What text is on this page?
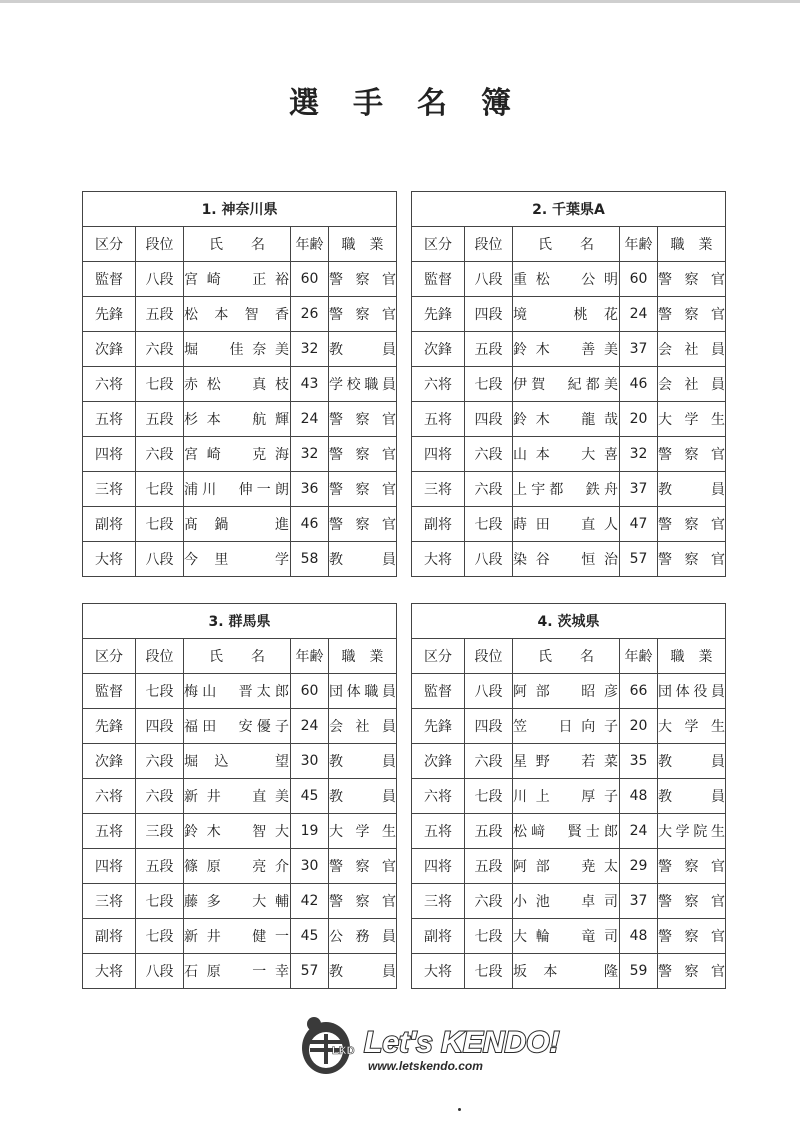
選手名簿
1. 神奈川県				
区分	段位	氏　　名	年齢	職　業
監督	八段	宮崎　正裕	60	警察官
先鋒	五段	松本智香	26	警察官
次鋒	六段	堀　佳奈美	32	教員
六将	七段	赤松　真枝	43	学校職員
五将	五段	杉本　航輝	24	警察官
四将	六段	宮崎　克海	32	警察官
三将	七段	浦川　伸一朗	36	警察官
副将	七段	髙鍋　進	46	警察官
大将	八段	今里　学	58	教員
2. 千葉県A				
区分	段位	氏　　名	年齢	職　業
監督	八段	重松　公明	60	警察官
先鋒	四段	境　桃花	24	警察官
次鋒	五段	鈴木　善美	37	会社員
六将	七段	伊賀　紀都美	46	会社員
五将	四段	鈴木　龍哉	20	大学生
四将	六段	山本　大喜	32	警察官
三将	六段	上宇都　鉄舟	37	教員
副将	七段	蒔田　直人	47	警察官
大将	八段	染谷　恒治	57	警察官
3. 群馬県				
区分	段位	氏　　名	年齢	職　業
監督	七段	梅山　晋太郎	60	団体職員
先鋒	四段	福田　安優子	24	会社員
次鋒	六段	堀込　望	30	教員
六将	六段	新井　直美	45	教員
五将	三段	鈴木　智大	19	大学生
四将	五段	篠原　亮介	30	警察官
三将	七段	藤多　大輔	42	警察官
副将	七段	新井　健一	45	公務員
大将	八段	石原　一幸	57	教員
4. 茨城県				
区分	段位	氏　　名	年齢	職　業
監督	八段	阿部　昭彦	66	団体役員
先鋒	四段	笠　日向子	20	大学生
次鋒	六段	星野　若菜	35	教員
六将	七段	川上　厚子	48	教員
五将	五段	松﨑　賢士郎	24	大学院生
四将	五段	阿部　尭太	29	警察官
三将	六段	小池　卓司	37	警察官
副将	七段	大輪　竜司	48	警察官
大将	七段	坂本　隆	59	警察官
LKD Let's KENDO!
www.letskendo.com
